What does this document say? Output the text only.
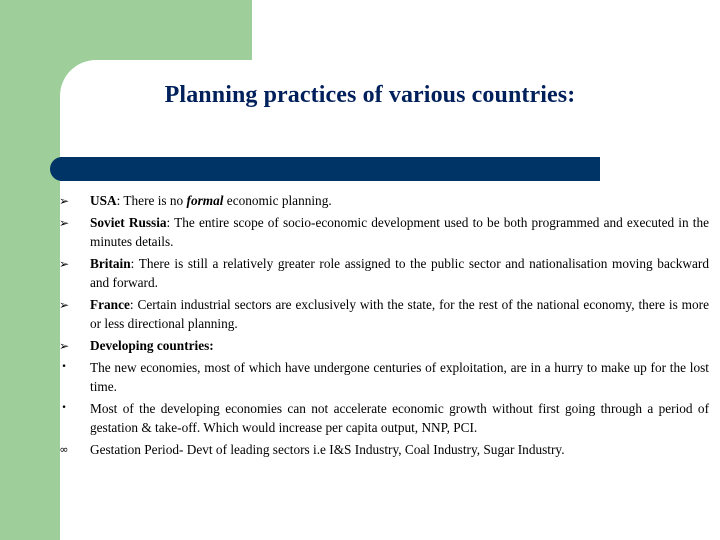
Planning practices of various countries:
➢ USA: There is no formal economic planning.
➢ Soviet Russia: The entire scope of socio-economic development used to be both programmed and executed in the minutes details.
➢ Britain: There is still a relatively greater role assigned to the public sector and nationalisation moving backward and forward.
➢ France: Certain industrial sectors are exclusively with the state, for the rest of the national economy, there is more or less directional planning.
➢ Developing countries:
•	The new economies, most of which have undergone centuries of exploitation, are in a hurry to make up for the lost time.
•	Most of the developing economies can not accelerate economic growth without first going through a period of gestation & take-off. Which would increase per capita output, NNP, PCI.
∞ Gestation Period- Devt of leading sectors i.e I&S Industry, Coal Industry, Sugar Industry.
